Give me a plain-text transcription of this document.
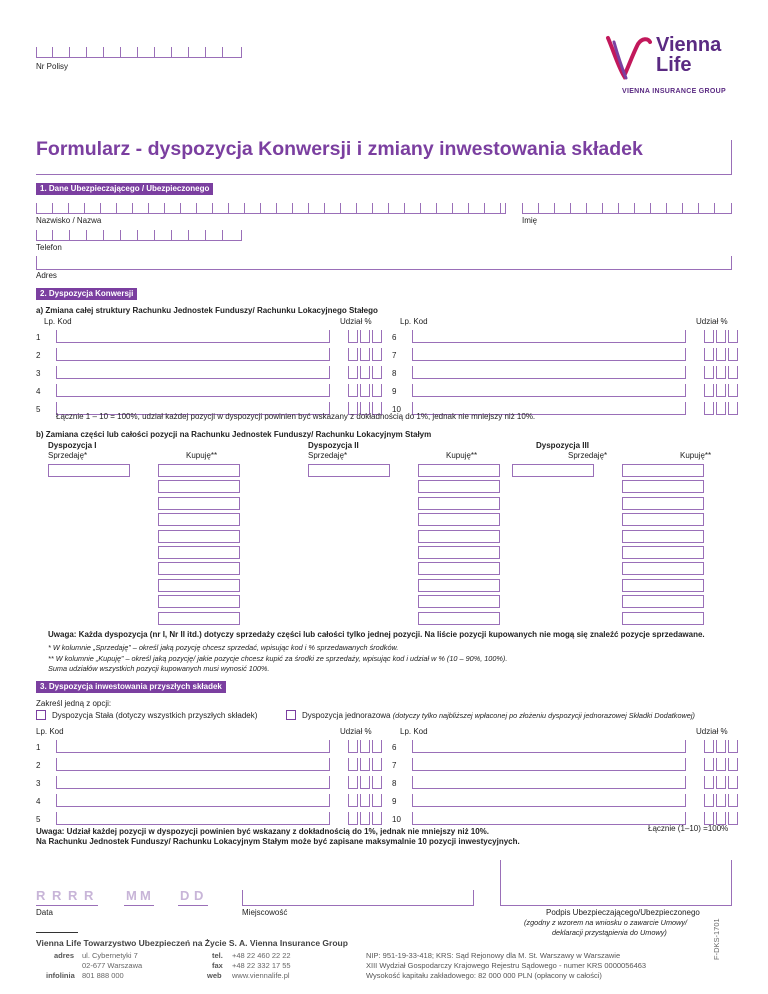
Nr Polisy
Vienna
Life
VIENNA INSURANCE GROUP
Formularz - dyspozycja Konwersji i zmiany inwestowania składek
1. Dane Ubezpieczającego / Ubezpieczonego
Nazwisko / Nazwa	Imię
Telefon
Adres
2. Dyspozycja Konwersji
a) Zmiana całej struktury Rachunku Jednostek Funduszy/ Rachunku Lokacyjnego Stałego
Lp. Kod	Udział %	Lp. Kod	Udział %
1
2
3
4
5
6
7
8
9
10
Łącznie 1 – 10 = 100%, udział każdej pozycji w dyspozycji powinien być wskazany z dokładnością do 1%, jednak nie mniejszy niż 10%.
b) Zamiana części lub całości pozycji na Rachunku Jednostek Funduszy/ Rachunku Lokacyjnym Stałym
Dyspozycja I	Dyspozycja II	Dyspozycja III
Sprzedaję*	Kupuję**	Sprzedaję*	Kupuję**	Sprzedaję*	Kupuję**
Uwaga: Każda dyspozycja (nr I, Nr II itd.) dotyczy sprzedaży części lub całości tylko jednej pozycji. Na liście pozycji kupowanych nie mogą się znaleźć pozycje sprzedawane.
* W kolumnie „Sprzedaję” – określ jaką pozycję chcesz sprzedać, wpisując kod i % sprzedawanych środków.
** W kolumnie „Kupuję” – określ jaką pozycję/ jakie pozycje chcesz kupić za środki ze sprzedaży, wpisując kod i udział w % (10 – 90%, 100%).
Suma udziałów wszystkich pozycji kupowanych musi wynosić 100%.
3. Dyspozycja inwestowania przyszłych składek
Zakreśl jedną z opcji:
Dyspozycja Stała (dotyczy wszystkich przyszłych składek)	Dyspozycja jednorazowa (dotyczy tylko najbliższej wpłaconej po złożeniu dyspozycji jednorazowej Składki Dodatkowej)
Lp. Kod	Udział %	Lp. Kod	Udział %
1
2
3
4
5
6
7
8
9
10
Łącznie (1–10) =100%
Uwaga: Udział każdej pozycji w dyspozycji powinien być wskazany z dokładnością do 1%, jednak nie mniejszy niż 10%.
Na Rachunku Jednostek Funduszy/ Rachunku Lokacyjnym Stałym może być zapisane maksymalnie 10 pozycji inwestycyjnych.
R R R R	M M D D
Data	Miejscowość	Podpis Ubezpieczającego/Ubezpieczonego
(zgodny z wzorem na wniosku o zawarcie Umowy/
deklaracji przystąpienia do Umowy)
Vienna Life Towarzystwo Ubezpieczeń na Życie S. A. Vienna Insurance Group
adres ul. Cybernetyki 7
02-677 Warszawa
infolinia 801 888 000
tel. +48 22 460 22 22
fax +48 22 332 17 55
web www.viennalife.pl
NIP: 951-19-33-418; KRS: Sąd Rejonowy dla M. St. Warszawy w Warszawie
XIII Wydział Gospodarczy Krajowego Rejestru Sądowego - numer KRS 0000056463
Wysokość kapitału zakładowego: 82 000 000 PLN (opłacony w całości)
F-DKS-1701
